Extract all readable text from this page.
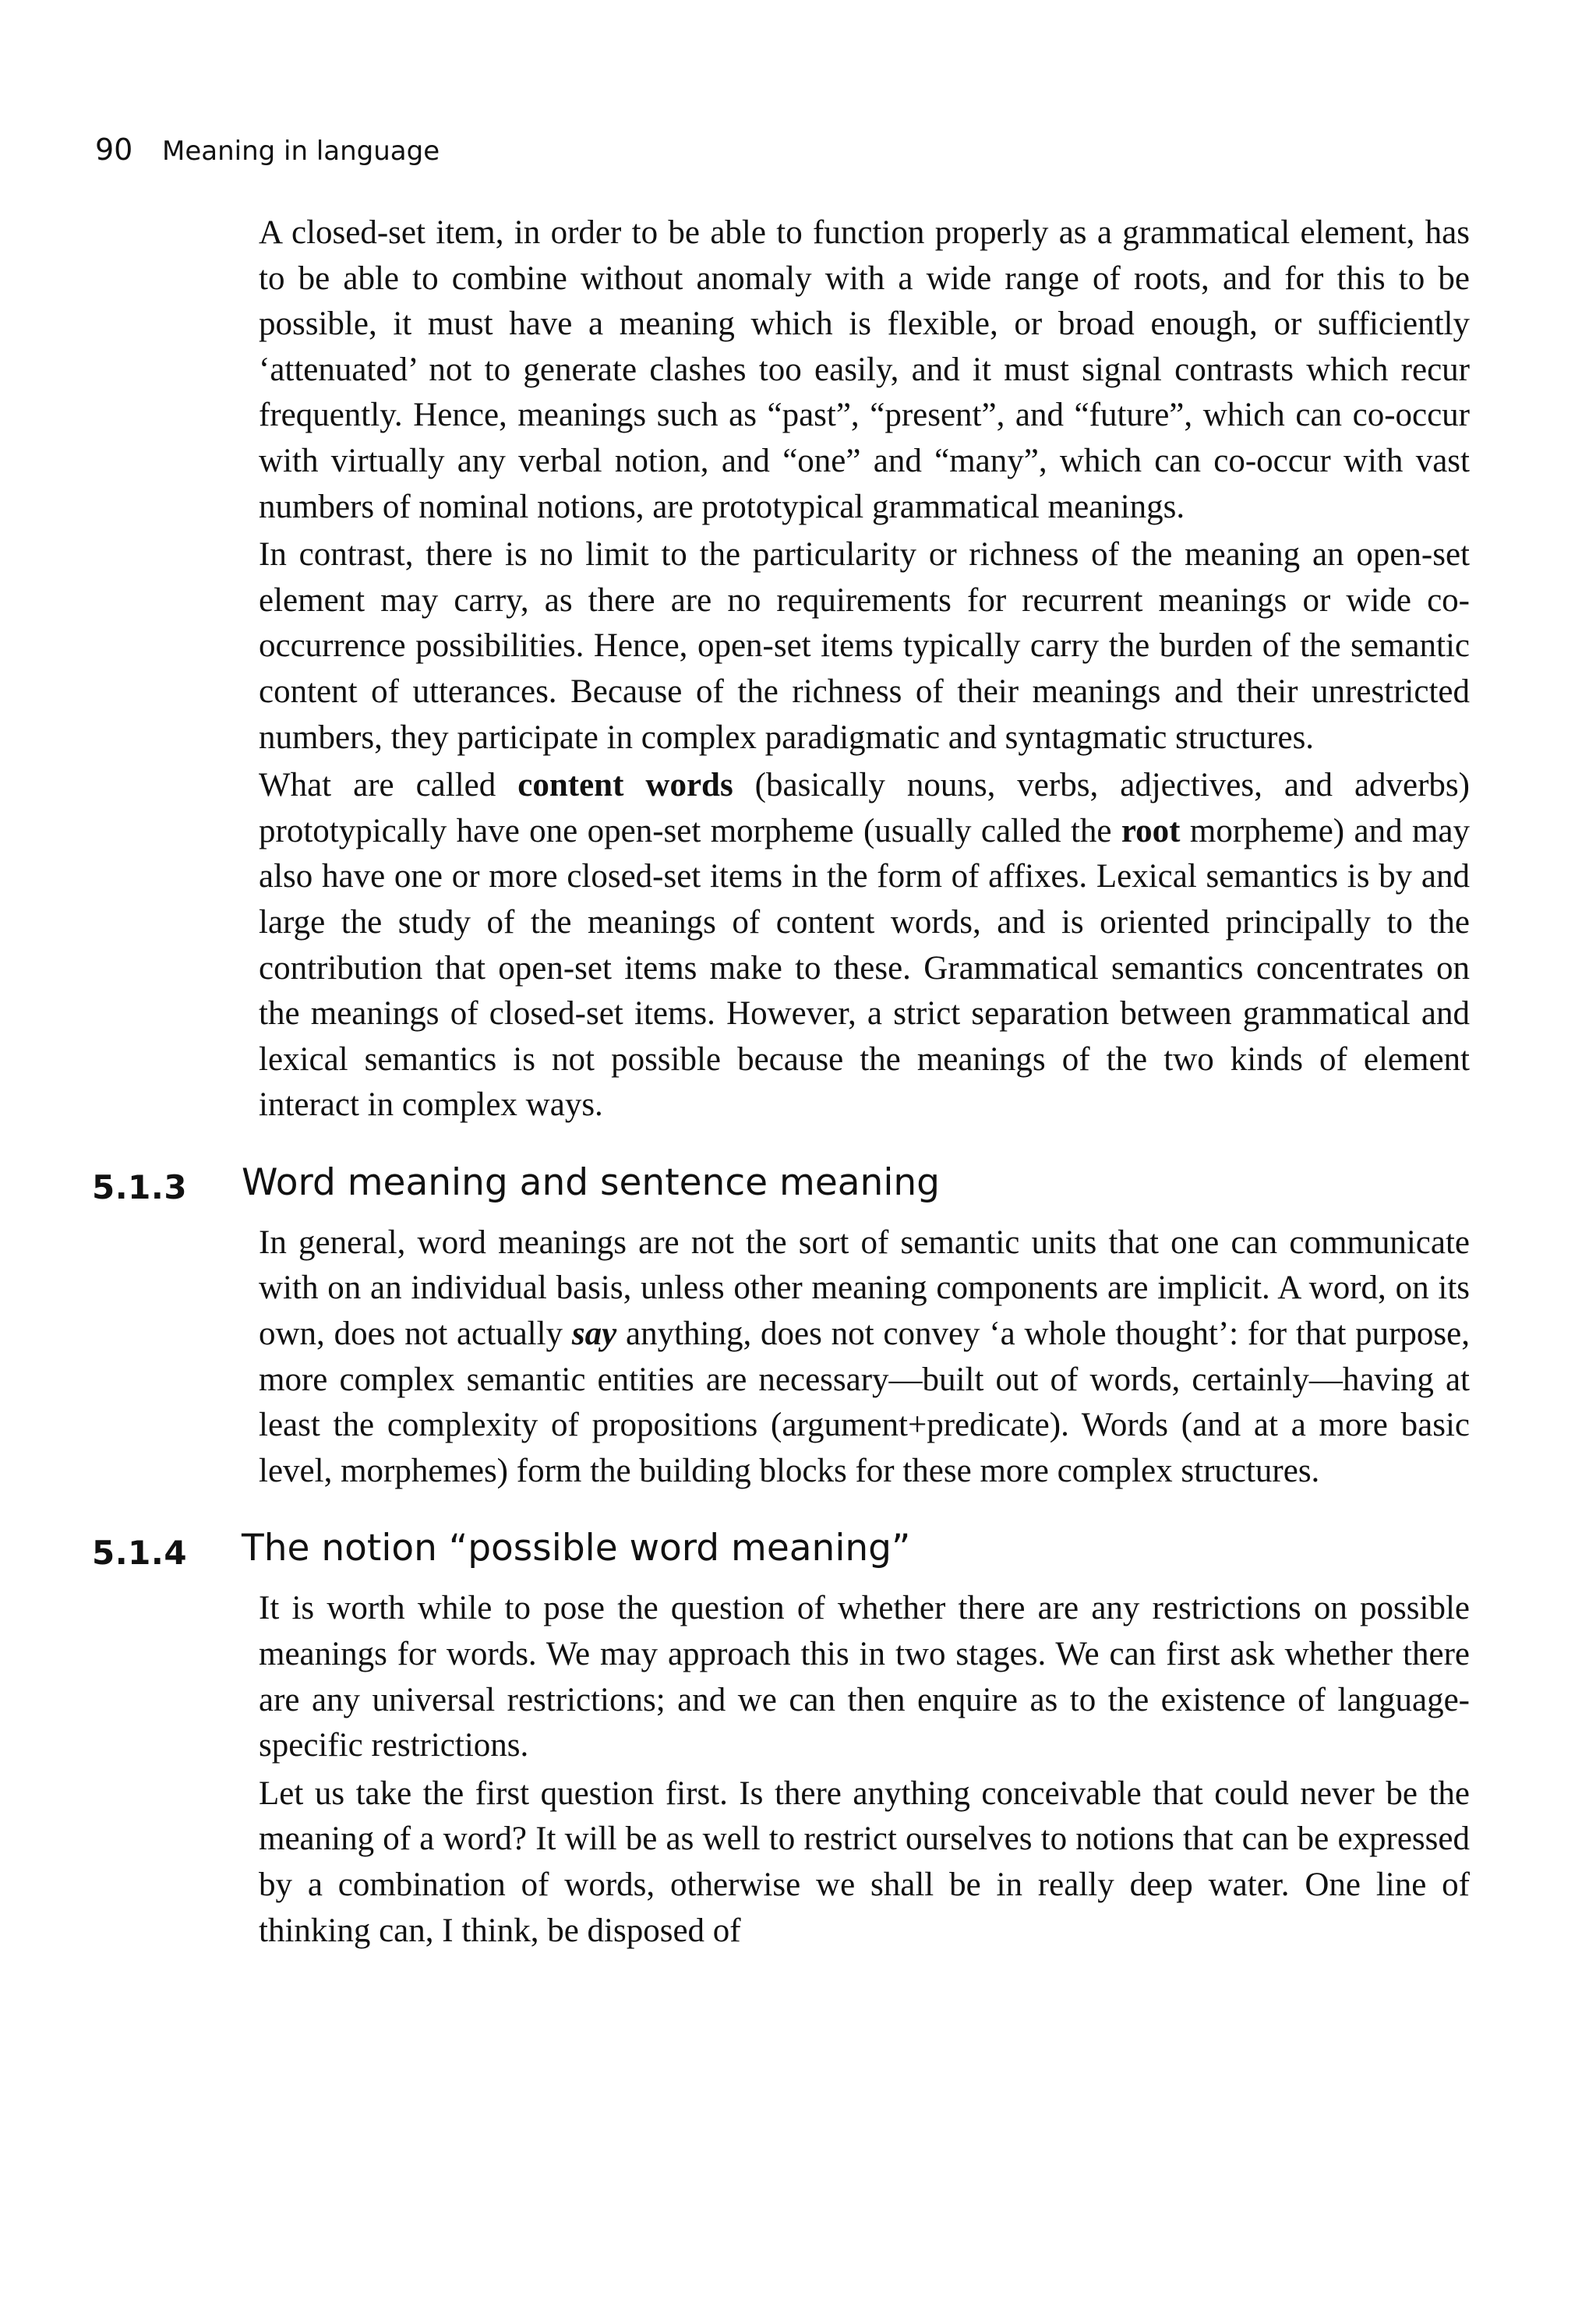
90 Meaning in language

A closed-set item, in order to be able to function properly as a grammatical element, has to be able to combine without anomaly with a wide range of roots, and for this to be possible, it must have a meaning which is flexible, or broad enough, or sufficiently ‘attenuated’ not to generate clashes too easily, and it must signal contrasts which recur frequently. Hence, meanings such as “past”, “present”, and “future”, which can co-occur with virtually any verbal notion, and “one” and “many”, which can co-occur with vast numbers of nominal notions, are prototypical grammatical meanings.

In contrast, there is no limit to the particularity or richness of the meaning an open-set element may carry, as there are no requirements for recurrent meanings or wide co-occurrence possibilities. Hence, open-set items typically carry the burden of the semantic content of utterances. Because of the richness of their meanings and their unrestricted numbers, they participate in complex paradigmatic and syntagmatic structures.

What are called content words (basically nouns, verbs, adjectives, and adverbs) prototypically have one open-set morpheme (usually called the root morpheme) and may also have one or more closed-set items in the form of affixes. Lexical semantics is by and large the study of the meanings of content words, and is oriented principally to the contribution that open-set items make to these. Grammatical semantics concentrates on the meanings of closed-set items. However, a strict separation between grammatical and lexical semantics is not possible because the meanings of the two kinds of element interact in complex ways.

5.1.3 Word meaning and sentence meaning

In general, word meanings are not the sort of semantic units that one can communicate with on an individual basis, unless other meaning components are implicit. A word, on its own, does not actually say anything, does not convey ‘a whole thought’: for that purpose, more complex semantic entities are necessary—built out of words, certainly—having at least the complexity of propositions (argument+predicate). Words (and at a more basic level, morphemes) form the building blocks for these more complex structures.

5.1.4 The notion “possible word meaning”

It is worth while to pose the question of whether there are any restrictions on possible meanings for words. We may approach this in two stages. We can first ask whether there are any universal restrictions; and we can then enquire as to the existence of language-specific restrictions.

Let us take the first question first. Is there anything conceivable that could never be the meaning of a word? It will be as well to restrict ourselves to notions that can be expressed by a combination of words, otherwise we shall be in really deep water. One line of thinking can, I think, be disposed of
